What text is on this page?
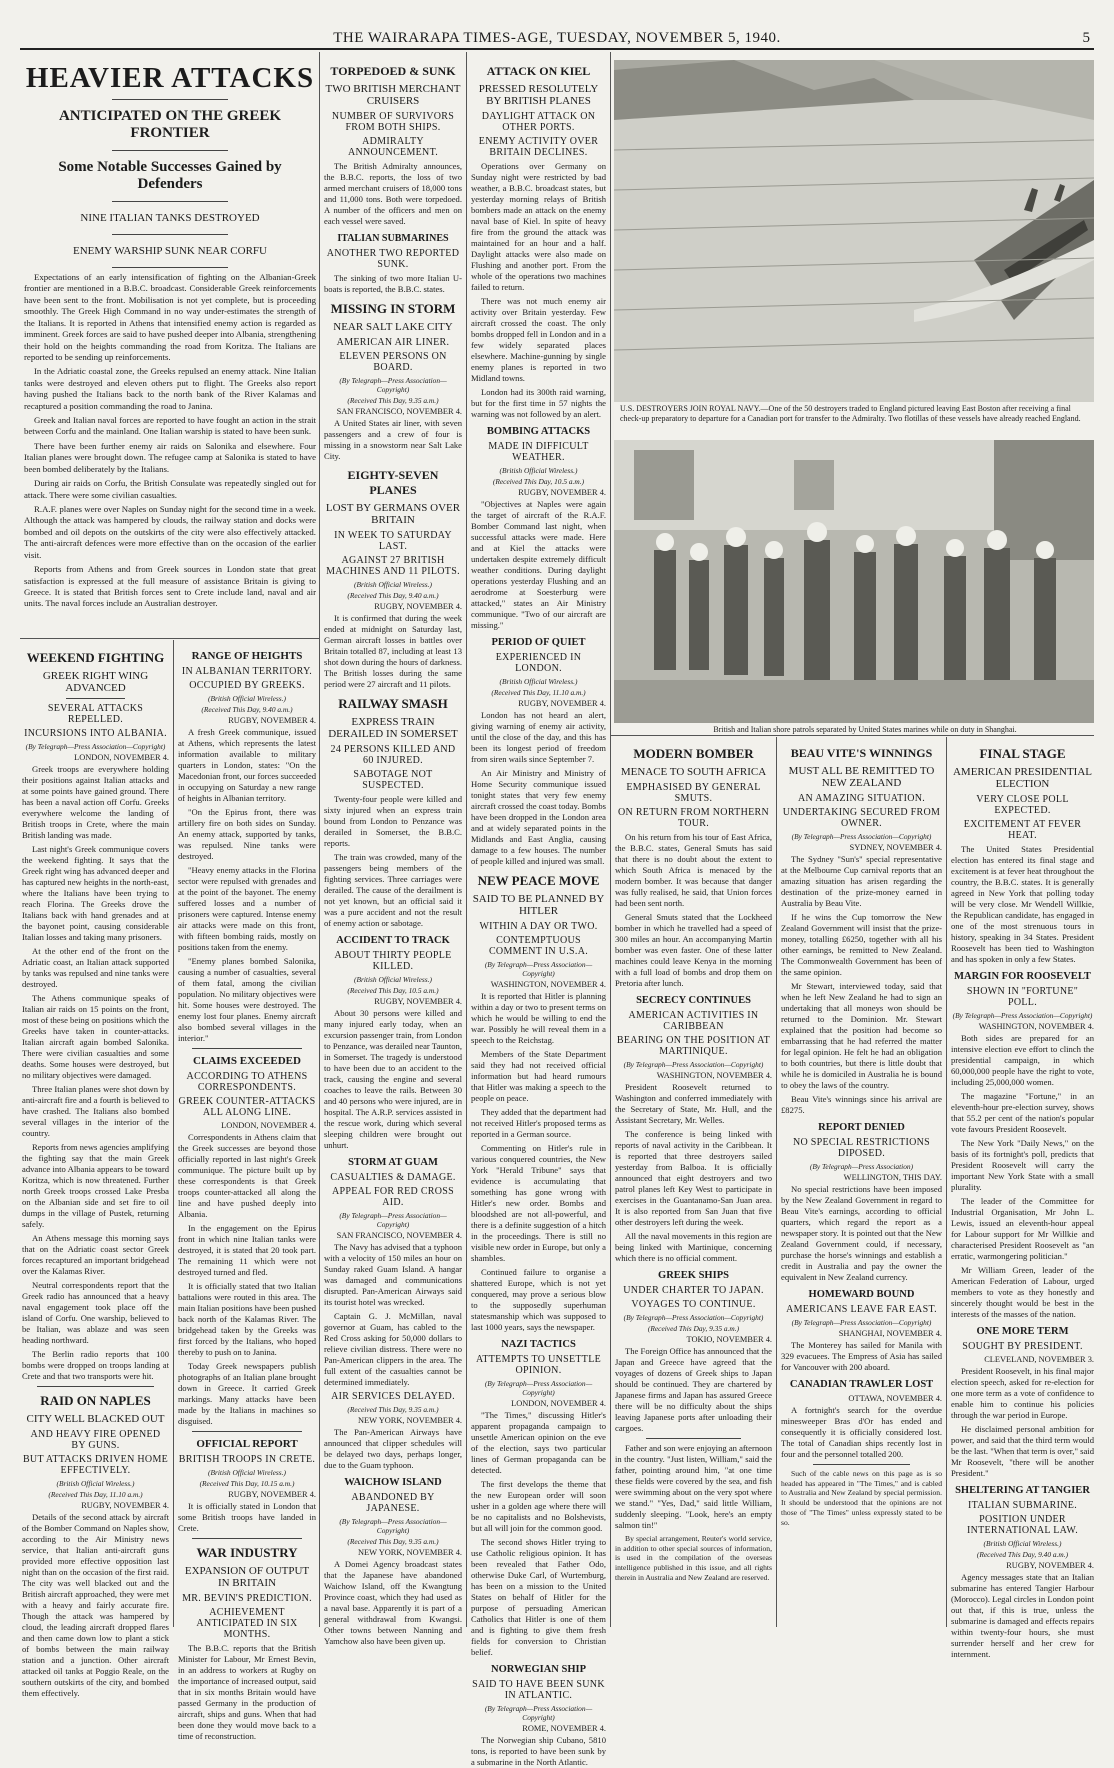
THE WAIRARAPA TIMES-AGE, TUESDAY, NOVEMBER 5, 1940.	5
HEAVIER ATTACKS
ANTICIPATED ON THE GREEK FRONTIER
Some Notable Successes Gained by Defenders
NINE ITALIAN TANKS DESTROYED
ENEMY WARSHIP SUNK NEAR CORFU

Expectations of an early intensification of fighting on the Albanian-Greek frontier are mentioned in a B.B.C. broadcast. Considerable Greek reinforcements have been sent to the front. Mobilisation is not yet complete, but is proceeding smoothly. The Greek High Command in no way under-estimates the strength of the Italians. It is reported in Athens that intensified enemy action is regarded as imminent. Greek forces are said to have pushed deeper into Albania, strengthening their hold on the heights commanding the road from Koritza. The Italians are reported to be sending up reinforcements.

In the Adriatic coastal zone, the Greeks repulsed an enemy attack. Nine Italian tanks were destroyed and eleven others put to flight. The Greeks also report having pushed the Italians back to the north bank of the River Kalamas and recaptured a position commanding the road to Janina.

Greek and Italian naval forces are reported to have fought an action in the strait between Corfu and the mainland. One Italian warship is stated to have been sunk.

There have been further enemy air raids on Salonika and elsewhere. Four Italian planes were brought down. The refugee camp at Salonika is stated to have been bombed deliberately by the Italians.

During air raids on Corfu, the British Consulate was repeatedly singled out for attack. There were some civilian casualties.

R.A.F. planes were over Naples on Sunday night for the second time in a week. Although the attack was hampered by clouds, the railway station and docks were bombed and oil depots on the outskirts of the city were also effectively attacked. The anti-aircraft defences were more effective than on the occasion of the earlier visit.

Reports from Athens and from Greek sources in London state that great satisfaction is expressed at the full measure of assistance Britain is giving to Greece. It is stated that British forces sent to Crete include land, naval and air units. The naval forces include an Australian destroyer.

WEEKEND FIGHTING
GREEK RIGHT WING ADVANCED
SEVERAL ATTACKS REPELLED.
INCURSIONS INTO ALBANIA.
(By Telegraph—Press Association—Copyright)
LONDON, NOVEMBER 4.

Greek troops are everywhere holding their positions against Italian attacks and at some points have gained ground. There has been a naval action off Corfu. Greeks everywhere welcome the landing of British troops in Crete, where the main British landing was made.

Last night's Greek communique covers the weekend fighting. It says that the Greek right wing has advanced deeper and has captured new heights in the north-east, where the Italians have been trying to reach Florina. The Greeks drove the Italians back with hand grenades and at the bayonet point, causing considerable Italian losses and taking many prisoners.

At the other end of the front on the Adriatic coast, an Italian attack supported by tanks was repulsed and nine tanks were destroyed.

The Athens communique speaks of Italian air raids on 15 points on the front, most of these being on positions which the Greeks have taken in counter-attacks. Italian aircraft again bombed Salonika. There were civilian casualties and some deaths. Some houses were destroyed, but no military objectives were damaged.

Three Italian planes were shot down by anti-aircraft fire and a fourth is believed to have crashed. The Italians also bombed several villages in the interior of the country.

Reports from news agencies amplifying the fighting say that the main Greek advance into Albania appears to be toward Koritza, which is now threatened. Further north Greek troops crossed Lake Presba on the Albanian side and set fire to oil dumps in the village of Pustek, returning safely.

An Athens message this morning says that on the Adriatic coast sector Greek forces recaptured an important bridgehead over the Kalamas River.

Neutral correspondents report that the Greek radio has announced that a heavy naval engagement took place off the island of Corfu. One warship, believed to be Italian, was ablaze and was seen heading northward.

The Berlin radio reports that 100 bombs were dropped on troops landing at Crete and that two transports were hit.

RAID ON NAPLES
CITY WELL BLACKED OUT
AND HEAVY FIRE OPENED BY GUNS.
BUT ATTACKS DRIVEN HOME EFFECTIVELY.
(British Official Wireless.)
(Received This Day, 11.10 a.m.)
RUGBY, NOVEMBER 4.

Details of the second attack by aircraft of the Bomber Command on Naples show, according to the Air Ministry news service, that Italian anti-aircraft guns provided more effective opposition last night than on the occasion of the first raid. The city was well blacked out and the British aircraft approached, they were met with a heavy and fairly accurate fire. Though the attack was hampered by cloud, the leading aircraft dropped flares and then came down low to plant a stick of bombs between the main railway station and a junction. Other aircraft attacked oil tanks at Poggio Reale, on the southern outskirts of the city, and bombed them effectively.

RANGE OF HEIGHTS
IN ALBANIAN TERRITORY.
OCCUPIED BY GREEKS.
(British Official Wireless.)
(Received This Day, 9.40 a.m.)
RUGBY, NOVEMBER 4.

A fresh Greek communique, issued at Athens, which represents the latest information available to military quarters in London, states: "On the Macedonian front, our forces succeeded in occupying on Saturday a new range of heights in Albanian territory.

"On the Epirus front, there was artillery fire on both sides on Sunday. An enemy attack, supported by tanks, was repulsed. Nine tanks were destroyed.

"Heavy enemy attacks in the Florina sector were repulsed with grenades and at the point of the bayonet. The enemy suffered losses and a number of prisoners were captured. Intense enemy air attacks were made on this front, with fifteen bombing raids, mostly on positions taken from the enemy.

"Enemy planes bombed Salonika, causing a number of casualties, several of them fatal, among the civilian population. No military objectives were hit. Some houses were destroyed. The enemy lost four planes. Enemy aircraft also bombed several villages in the interior."

CLAIMS EXCEEDED
ACCORDING TO ATHENS CORRESPONDENTS.
GREEK COUNTER-ATTACKS ALL ALONG LINE.
LONDON, NOVEMBER 4.

Correspondents in Athens claim that the Greek successes are beyond those officially reported in last night's Greek communique. The picture built up by these correspondents is that Greek troops counter-attacked all along the line and have pushed deeply into Albania.

In the engagement on the Epirus front in which nine Italian tanks were destroyed, it is stated that 20 took part. The remaining 11 which were not destroyed turned and fled.

It is officially stated that two Italian battalions were routed in this area. The main Italian positions have been pushed back north of the Kalamas River. The bridgehead taken by the Greeks was first forced by the Italians, who hoped thereby to push on to Janina.

Today Greek newspapers publish photographs of an Italian plane brought down in Greece. It carried Greek markings. Many attacks have been made by the Italians in machines so disguised.

OFFICIAL REPORT
BRITISH TROOPS IN CRETE.
(British Official Wireless.)
(Received This Day, 10.15 a.m.)
RUGBY, NOVEMBER 4.

It is officially stated in London that some British troops have landed in Crete.

WAR INDUSTRY
EXPANSION OF OUTPUT IN BRITAIN
MR. BEVIN'S PREDICTION.
ACHIEVEMENT ANTICIPATED IN SIX MONTHS.

The B.B.C. reports that the British Minister for Labour, Mr Ernest Bevin, in an address to workers at Rugby on the importance of increased output, said that in six months Britain would have passed Germany in the production of aircraft, ships and guns. When that had been done they would move back to a time of reconstruction.

TORPEDOED & SUNK
TWO BRITISH MERCHANT CRUISERS
NUMBER OF SURVIVORS FROM BOTH SHIPS.
ADMIRALTY ANNOUNCEMENT.

The British Admiralty announces, the B.B.C. reports, the loss of two armed merchant cruisers of 18,000 tons and 11,000 tons. Both were torpedoed. A number of the officers and men on each vessel were saved.

ITALIAN SUBMARINES
ANOTHER TWO REPORTED SUNK.

The sinking of two more Italian U-boats is reported, the B.B.C. states.

MISSING IN STORM
NEAR SALT LAKE CITY
AMERICAN AIR LINER.
ELEVEN PERSONS ON BOARD.
(By Telegraph—Press Association—Copyright)
(Received This Day, 9.35 a.m.)
SAN FRANCISCO, NOVEMBER 4.

A United States air liner, with seven passengers and a crew of four is missing in a snowstorm near Salt Lake City.

EIGHTY-SEVEN PLANES
LOST BY GERMANS OVER BRITAIN
IN WEEK TO SATURDAY LAST.
AGAINST 27 BRITISH MACHINES AND 11 PILOTS.
(British Official Wireless.)
(Received This Day, 9.40 a.m.)
RUGBY, NOVEMBER 4.

It is confirmed that during the week ended at midnight on Saturday last, German aircraft losses in battles over Britain totalled 87, including at least 13 shot down during the hours of darkness. The British losses during the same period were 27 aircraft and 11 pilots.

RAILWAY SMASH
EXPRESS TRAIN DERAILED IN SOMERSET
24 PERSONS KILLED AND 60 INJURED.
SABOTAGE NOT SUSPECTED.

Twenty-four people were killed and sixty injured when an express train bound from London to Penzance was derailed in Somerset, the B.B.C. reports.

The train was crowded, many of the passengers being members of the fighting services. Three carriages were derailed. The cause of the derailment is not yet known, but an official said it was a pure accident and not the result of enemy action or sabotage.

ACCIDENT TO TRACK
ABOUT THIRTY PEOPLE KILLED.
(British Official Wireless.)
(Received This Day, 10.5 a.m.)
RUGBY, NOVEMBER 4.

About 30 persons were killed and many injured early today, when an excursion passenger train, from London to Penzance, was derailed near Taunton, in Somerset. The tragedy is understood to have been due to an accident to the track, causing the engine and several coaches to leave the rails. Between 30 and 40 persons who were injured, are in hospital. The A.R.P. services assisted in the rescue work, during which several sleeping children were brought out unhurt.

STORM AT GUAM
CASUALTIES & DAMAGE.
APPEAL FOR RED CROSS AID.
(By Telegraph—Press Association—Copyright)
SAN FRANCISCO, NOVEMBER 4.

The Navy has advised that a typhoon with a velocity of 150 miles an hour on Sunday raked Guam Island. A hangar was damaged and communications disrupted. Pan-American Airways said its tourist hotel was wrecked.

Captain G. J. McMillan, naval governor at Guam, has cabled to the Red Cross asking for 50,000 dollars to relieve civilian distress. There were no Pan-American clippers in the area. The full extent of the casualties cannot be determined immediately.

AIR SERVICES DELAYED.
(Received This Day, 9.35 a.m.)
NEW YORK, NOVEMBER 4.

The Pan-American Airways have announced that clipper schedules will be delayed two days, perhaps longer, due to the Guam typhoon.

WAICHOW ISLAND
ABANDONED BY JAPANESE.
(By Telegraph—Press Association—Copyright)
(Received This Day, 9.35 a.m.)
NEW YORK, NOVEMBER 4.

A Domei Agency broadcast states that the Japanese have abandoned Waichow Island, off the Kwangtung Province coast, which they had used as a naval base. Apparently it is part of a general withdrawal from Kwangsi. Other towns between Nanning and Yamchow also have been given up.

ATTACK ON KIEL
PRESSED RESOLUTELY BY BRITISH PLANES
DAYLIGHT ATTACK ON OTHER PORTS.
ENEMY ACTIVITY OVER BRITAIN DECLINES.

Operations over Germany on Sunday night were restricted by bad weather, a B.B.C. broadcast states, but yesterday morning relays of British bombers made an attack on the enemy naval base of Kiel. In spite of heavy fire from the ground the attack was maintained for an hour and a half. Daylight attacks were also made on Flushing and another port. From the whole of the operations two machines failed to return.

There was not much enemy air activity over Britain yesterday. Few aircraft crossed the coast. The only bombs dropped fell in London and in a few widely separated places elsewhere. Machine-gunning by single enemy planes is reported in two Midland towns.

London had its 300th raid warning, but for the first time in 57 nights the warning was not followed by an alert.

BOMBING ATTACKS
MADE IN DIFFICULT WEATHER.
(British Official Wireless.)
(Received This Day, 10.5 a.m.)
RUGBY, NOVEMBER 4.

"Objectives at Naples were again the target of aircraft of the R.A.F. Bomber Command last night, when successful attacks were made. Here and at Kiel the attacks were undertaken despite extremely difficult weather conditions. During daylight operations yesterday Flushing and an aerodrome at Soesterburg were attacked," states an Air Ministry communique. "Two of our aircraft are missing."

PERIOD OF QUIET
EXPERIENCED IN LONDON.
(British Official Wireless.)
(Received This Day, 11.10 a.m.)
RUGBY, NOVEMBER 4.

London has not heard an alert, giving warning of enemy air activity, until the close of the day, and this has been its longest period of freedom from siren wails since September 7.

An Air Ministry and Ministry of Home Security communique issued tonight states that very few enemy aircraft crossed the coast today. Bombs have been dropped in the London area and at widely separated points in the Midlands and East Anglia, causing damage to a few houses. The number of people killed and injured was small.

NEW PEACE MOVE
SAID TO BE PLANNED BY HITLER
WITHIN A DAY OR TWO.
CONTEMPTUOUS COMMENT IN U.S.A.
(By Telegraph—Press Association—Copyright)
WASHINGTON, NOVEMBER 4.

It is reported that Hitler is planning within a day or two to present terms on which he would be willing to end the war. Possibly he will reveal them in a speech to the Reichstag.

Members of the State Department said they had not received official information but had heard rumours that Hitler was making a speech to the people on peace.

They added that the department had not received Hitler's proposed terms as reported in a German source.

Commenting on Hitler's rule in various conquered countries, the New York "Herald Tribune" says that evidence is accumulating that something has gone wrong with Hitler's new order. Bombs and bloodshed are not all-powerful, and there is a definite suggestion of a hitch in the proceedings. There is still no visible new order in Europe, but only a shambles.

Continued failure to organise a shattered Europe, which is not yet conquered, may prove a serious blow to the supposedly superhuman statesmanship which was supposed to last 1000 years, says the newspaper.

NAZI TACTICS
ATTEMPTS TO UNSETTLE OPINION.
(By Telegraph—Press Association—Copyright)
LONDON, NOVEMBER 4.

"The Times," discussing Hitler's apparent propaganda campaign to unsettle American opinion on the eve of the election, says two particular lines of German propaganda can be detected.

The first develops the theme that the new European order will soon usher in a golden age where there will be no capitalists and no Bolshevists, but all will join for the common good.

The second shows Hitler trying to use Catholic religious opinion. It has been revealed that Father Odo, otherwise Duke Carl, of Wurtemburg, has been on a mission to the United States on behalf of Hitler for the purpose of persuading American Catholics that Hitler is one of them and is fighting to give them fresh fields for conversion to Christian belief.

NORWEGIAN SHIP
SAID TO HAVE BEEN SUNK IN ATLANTIC.
(By Telegraph—Press Association—Copyright)
ROME, NOVEMBER 4.

The Norwegian ship Cubano, 5810 tons, is reported to have been sunk by a submarine in the North Atlantic.

U.S. DESTROYERS JOIN ROYAL NAVY.—One of the 50 destroyers traded to England pictured leaving East Boston after receiving a final check-up preparatory to departure for a Canadian port for transfer to the Admiralty. Two flotillas of these vessels have already reached England.
British and Italian shore patrols separated by United States marines while on duty in Shanghai.
MODERN BOMBER
MENACE TO SOUTH AFRICA
EMPHASISED BY GENERAL SMUTS.
ON RETURN FROM NORTHERN TOUR.

On his return from his tour of East Africa, the B.B.C. states, General Smuts has said that there is no doubt about the extent to which South Africa is menaced by the modern bomber. It was because that danger was fully realised, he said, that Union forces had been sent north.

General Smuts stated that the Lockheed bomber in which he travelled had a speed of 300 miles an hour. An accompanying Martin bomber was even faster. One of these latter machines could leave Kenya in the morning with a full load of bombs and drop them on Pretoria after lunch.

SECRECY CONTINUES
AMERICAN ACTIVITIES IN CARIBBEAN
BEARING ON THE POSITION AT MARTINIQUE.
(By Telegraph—Press Association—Copyright)
WASHINGTON, NOVEMBER 4.

President Roosevelt returned to Washington and conferred immediately with the Secretary of State, Mr. Hull, and the Assistant Secretary, Mr. Welles.

The conference is being linked with reports of naval activity in the Caribbean. It is reported that three destroyers sailed yesterday from Balboa. It is officially announced that eight destroyers and two patrol planes left Key West to participate in exercises in the Guantanamo-San Juan area. It is also reported from San Juan that five other destroyers left during the week.

All the naval movements in this region are being linked with Martinique, concerning which there is no official comment.

GREEK SHIPS
UNDER CHARTER TO JAPAN.
VOYAGES TO CONTINUE.
(By Telegraph—Press Association—Copyright)
(Received This Day, 9.35 a.m.)
TOKIO, NOVEMBER 4.

The Foreign Office has announced that the Japan and Greece have agreed that the voyages of dozens of Greek ships to Japan should be continued. They are chartered by Japanese firms and Japan has assured Greece there will be no difficulty about the ships leaving Japanese ports after unloading their cargoes.

Father and son were enjoying an afternoon in the country. "Just listen, William," said the father, pointing around him, "at one time these fields were covered by the sea, and fish were swimming about on the very spot where we stand." "Yes, Dad," said little William, suddenly sleeping. "Look, here's an empty salmon tin!"

By special arrangement, Reuter's world service, in addition to other special sources of information, is used in the compilation of the overseas intelligence published in this issue, and all rights therein in Australia and New Zealand are reserved.

BEAU VITE'S WINNINGS
MUST ALL BE REMITTED TO NEW ZEALAND
AN AMAZING SITUATION.
UNDERTAKING SECURED FROM OWNER.
(By Telegraph—Press Association—Copyright)
SYDNEY, NOVEMBER 4.

The Sydney "Sun's" special representative at the Melbourne Cup carnival reports that an amazing situation has arisen regarding the destination of the prize-money earned in Australia by Beau Vite.

If he wins the Cup tomorrow the New Zealand Government will insist that the prize-money, totalling £6250, together with all his other earnings, be remitted to New Zealand. The Commonwealth Government has been of the same opinion.

Mr Stewart, interviewed today, said that when he left New Zealand he had to sign an undertaking that all moneys won should be returned to the Dominion. Mr. Stewart explained that the position had become so embarrassing that he had referred the matter for legal opinion. He felt he had an obligation to both countries, but there is little doubt that while he is domiciled in Australia he is bound to obey the laws of the country.

Beau Vite's winnings since his arrival are £8275.

REPORT DENIED
NO SPECIAL RESTRICTIONS DIPOSED.
(By Telegraph—Press Association)
WELLINGTON, THIS DAY.

No special restrictions have been imposed by the New Zealand Government in regard to Beau Vite's earnings, according to official quarters, which regard the report as a newspaper story. It is pointed out that the New Zealand Government could, if necessary, purchase the horse's winnings and establish a credit in Australia and pay the owner the equivalent in New Zealand currency.

HOMEWARD BOUND
AMERICANS LEAVE FAR EAST.
(By Telegraph—Press Association—Copyright)
SHANGHAI, NOVEMBER 4.

The Monterey has sailed for Manila with 329 evacuees. The Empress of Asia has sailed for Vancouver with 200 aboard.

CANADIAN TRAWLER LOST
OTTAWA, NOVEMBER 4.

A fortnight's search for the overdue minesweeper Bras d'Or has ended and consequently it is officially considered lost. The total of Canadian ships recently lost in four and the personnel totalled 200.

Such of the cable news on this page as is so headed has appeared in "The Times," and is cabled to Australia and New Zealand by special permission. It should be understood that the opinions are not those of "The Times" unless expressly stated to be so.

FINAL STAGE
AMERICAN PRESIDENTIAL ELECTION
VERY CLOSE POLL EXPECTED.
EXCITEMENT AT FEVER HEAT.

The United States Presidential election has entered its final stage and excitement is at fever heat throughout the country, the B.B.C. states. It is generally agreed in New York that polling today will be very close. Mr Wendell Willkie, the Republican candidate, has engaged in one of the most strenuous tours in history, speaking in 34 States. President Roosevelt has been tied to Washington and has spoken in only a few States.

MARGIN FOR ROOSEVELT
SHOWN IN "FORTUNE" POLL.
(By Telegraph—Press Association—Copyright)
WASHINGTON, NOVEMBER 4.

Both sides are prepared for an intensive election eve effort to clinch the presidential campaign, in which 60,000,000 people have the right to vote, including 25,000,000 women.

The magazine "Fortune," in an eleventh-hour pre-election survey, shows that 55.2 per cent of the nation's popular vote favours President Roosevelt.

The New York "Daily News," on the basis of its fortnight's poll, predicts that President Roosevelt will carry the important New York State with a small plurality.

The leader of the Committee for Industrial Organisation, Mr John L. Lewis, issued an eleventh-hour appeal for Labour support for Mr Willkie and characterised President Roosevelt as "an erratic, warmongering politician."

Mr William Green, leader of the American Federation of Labour, urged members to vote as they honestly and sincerely thought would be best in the interests of the masses of the nation.

ONE MORE TERM
SOUGHT BY PRESIDENT.
CLEVELAND, NOVEMBER 3.

President Roosevelt, in his final major election speech, asked for re-election for one more term as a vote of confidence to enable him to continue his policies through the war period in Europe.

He disclaimed personal ambition for power, and said that the third term would be the last. "When that term is over," said Mr Roosevelt, "there will be another President."

SHELTERING AT TANGIER
ITALIAN SUBMARINE.
POSITION UNDER INTERNATIONAL LAW.
(British Official Wireless.)
(Received This Day, 9.40 a.m.)
RUGBY, NOVEMBER 4.

Agency messages state that an Italian submarine has entered Tangier Harbour (Morocco). Legal circles in London point out that, if this is true, unless the submarine is damaged and effects repairs within twenty-four hours, she must surrender herself and her crew for internment.
